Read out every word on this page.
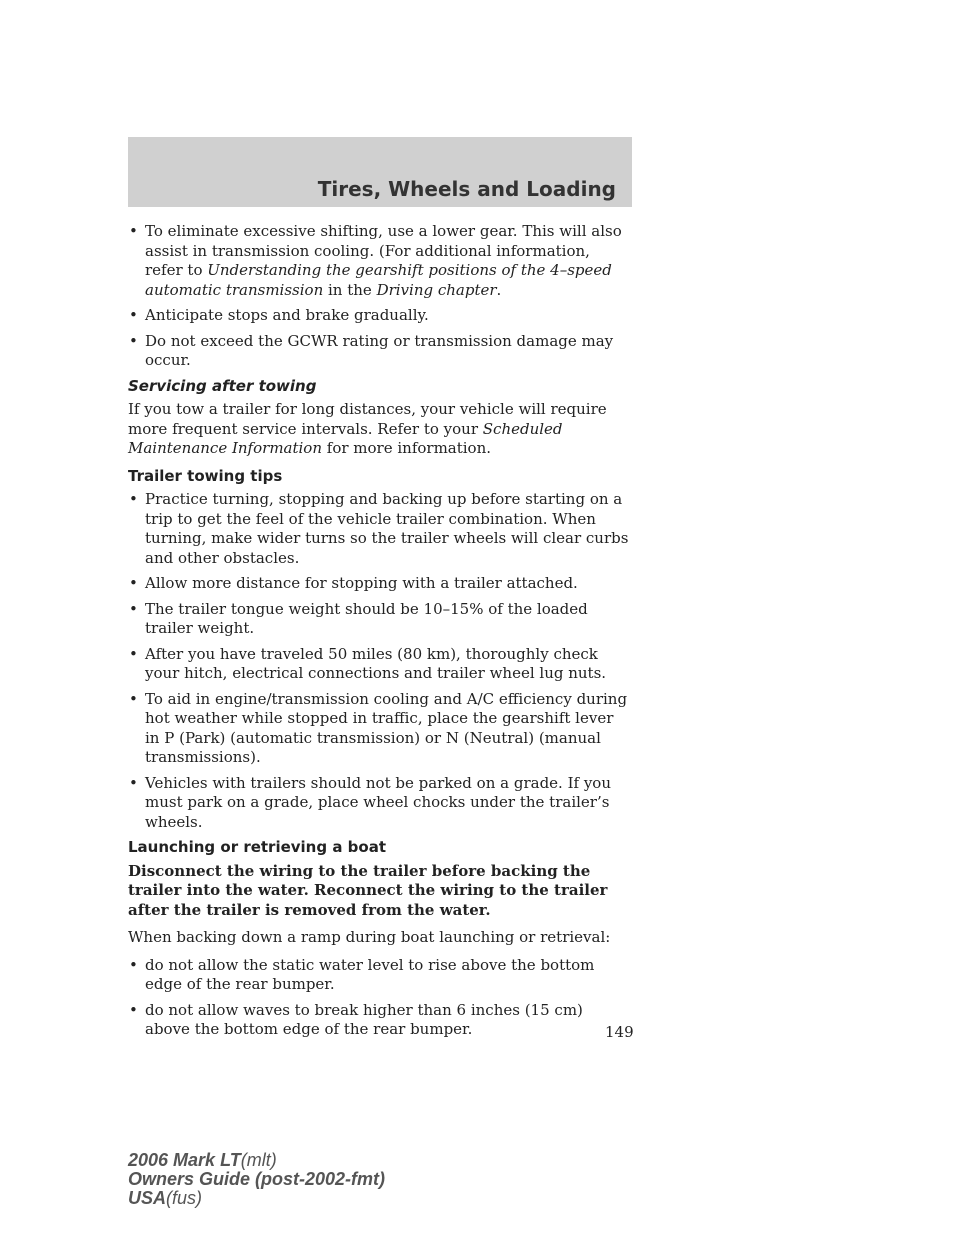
Tires, Wheels and Loading
• To eliminate excessive shifting, use a lower gear. This will also assist in transmission cooling. (For additional information, refer to Understanding the gearshift positions of the 4–speed automatic transmission in the Driving chapter.
• Anticipate stops and brake gradually.
• Do not exceed the GCWR rating or transmission damage may occur.
Servicing after towing

If you tow a trailer for long distances, your vehicle will require more frequent service intervals. Refer to your Scheduled Maintenance Information for more information.

Trailer towing tips
• Practice turning, stopping and backing up before starting on a trip to get the feel of the vehicle trailer combination. When turning, make wider turns so the trailer wheels will clear curbs and other obstacles.
• Allow more distance for stopping with a trailer attached.
• The trailer tongue weight should be 10–15% of the loaded trailer weight.
• After you have traveled 50 miles (80 km), thoroughly check your hitch, electrical connections and trailer wheel lug nuts.
• To aid in engine/transmission cooling and A/C efficiency during hot weather while stopped in traffic, place the gearshift lever in P (Park) (automatic transmission) or N (Neutral) (manual transmissions).
• Vehicles with trailers should not be parked on a grade. If you must park on a grade, place wheel chocks under the trailer’s wheels.
Launching or retrieving a boat

Disconnect the wiring to the trailer before backing the trailer into the water. Reconnect the wiring to the trailer after the trailer is removed from the water.

When backing down a ramp during boat launching or retrieval:

• do not allow the static water level to rise above the bottom edge of the rear bumper.
• do not allow waves to break higher than 6 inches (15 cm) above the bottom edge of the rear bumper.	149
2006 Mark LT(mlt)
Owners Guide (post-2002-fmt)
USA(fus)
